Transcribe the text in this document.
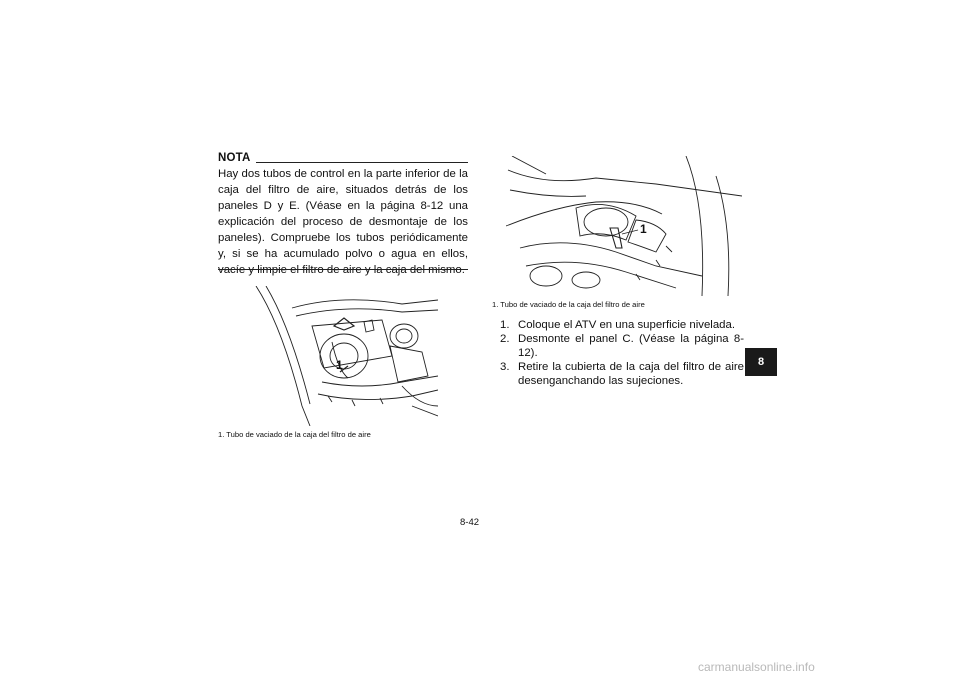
NOTA
Hay dos tubos de control en la parte inferior de la caja del filtro de aire, situados detrás de los paneles D y E. (Véase en la página 8-12 una explicación del proceso de desmontaje de los paneles). Compruebe los tubos periódicamente y, si se ha acumulado polvo o agua en ellos, vacíe y limpie el filtro de aire y la caja del mismo.
1
1. Tubo de vaciado de la caja del filtro de aire
1
1. Tubo de vaciado de la caja del filtro de aire
1. Coloque el ATV en una superficie nivelada.
2. Desmonte el panel C. (Véase la página 8-12).
3. Retire la cubierta de la caja del filtro de aire desenganchando las sujeciones.
8
8-42
carmanualsonline.info
